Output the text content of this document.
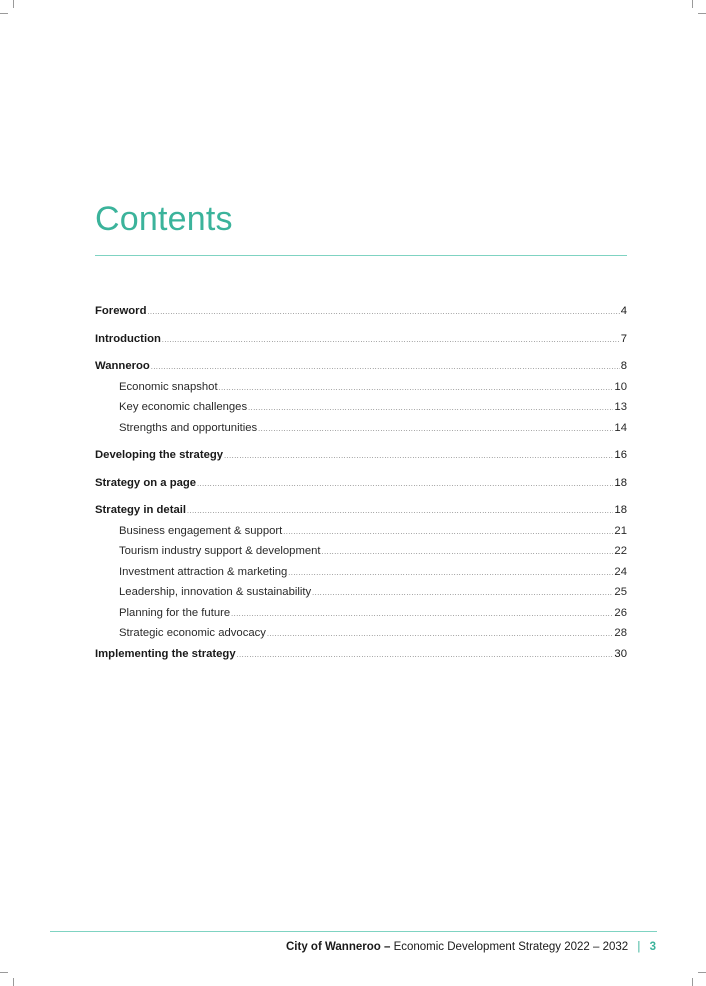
Contents
Foreword .....	4
Introduction .....	7
Wanneroo .....	8
Economic snapshot .....	10
Key economic challenges .....	13
Strengths and opportunities .....	14
Developing the strategy .....	16
Strategy on a page .....	18
Strategy in detail .....	18
Business engagement & support .....	21
Tourism industry support & development .....	22
Investment attraction & marketing .....	24
Leadership, innovation & sustainability .....	25
Planning for the future .....	26
Strategic economic advocacy .....	28
Implementing the strategy .....	30
City of Wanneroo – Economic Development Strategy 2022 – 2032 | 3
